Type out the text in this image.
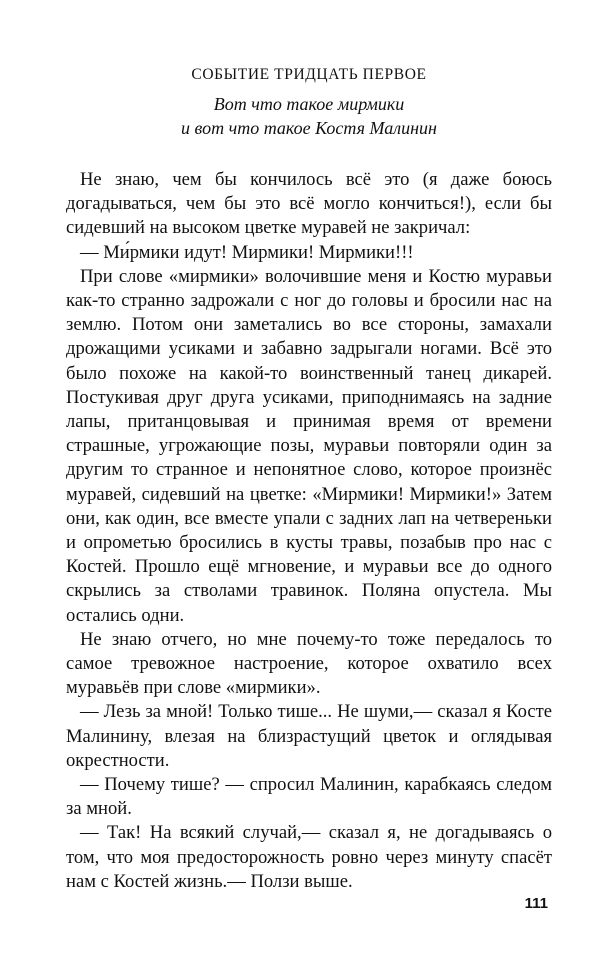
СОБЫТИЕ ТРИДЦАТЬ ПЕРВОЕ
Вот что такое мирмики
и вот что такое Костя Малинин

Не знаю, чем бы кончилось всё это (я даже боюсь догадываться, чем бы это всё могло кончиться!), если бы сидевший на высоком цветке муравей не закричал:

— Ми́рмики идут! Мирмики! Мирмики!!!

При слове «мирмики» волочившие меня и Костю муравьи как-то странно задрожали с ног до головы и бросили нас на землю. Потом они заметались во все стороны, замахали дрожащими усиками и забавно задрыгали ногами. Всё это было похоже на какой-то воинственный танец дикарей. Постукивая друг друга усиками, приподнимаясь на задние лапы, пританцовывая и принимая время от времени страшные, угрожающие позы, муравьи повторяли один за другим то странное и непонятное слово, которое произнёс муравей, сидевший на цветке: «Мирмики! Мирмики!» Затем они, как один, все вместе упали с задних лап на четвереньки и опрометью бросились в кусты травы, позабыв про нас с Костей. Прошло ещё мгновение, и муравьи все до одного скрылись за стволами травинок. Поляна опустела. Мы остались одни.

Не знаю отчего, но мне почему-то тоже передалось то самое тревожное настроение, которое охватило всех муравьёв при слове «мирмики».

— Лезь за мной! Только тише... Не шуми,— сказал я Косте Малинину, влезая на близрастущий цветок и оглядывая окрестности.

— Почему тише? — спросил Малинин, карабкаясь следом за мной.

— Так! На всякий случай,— сказал я, не догадываясь о том, что моя предосторожность ровно через минуту спасёт нам с Костей жизнь.— Ползи выше.

111
